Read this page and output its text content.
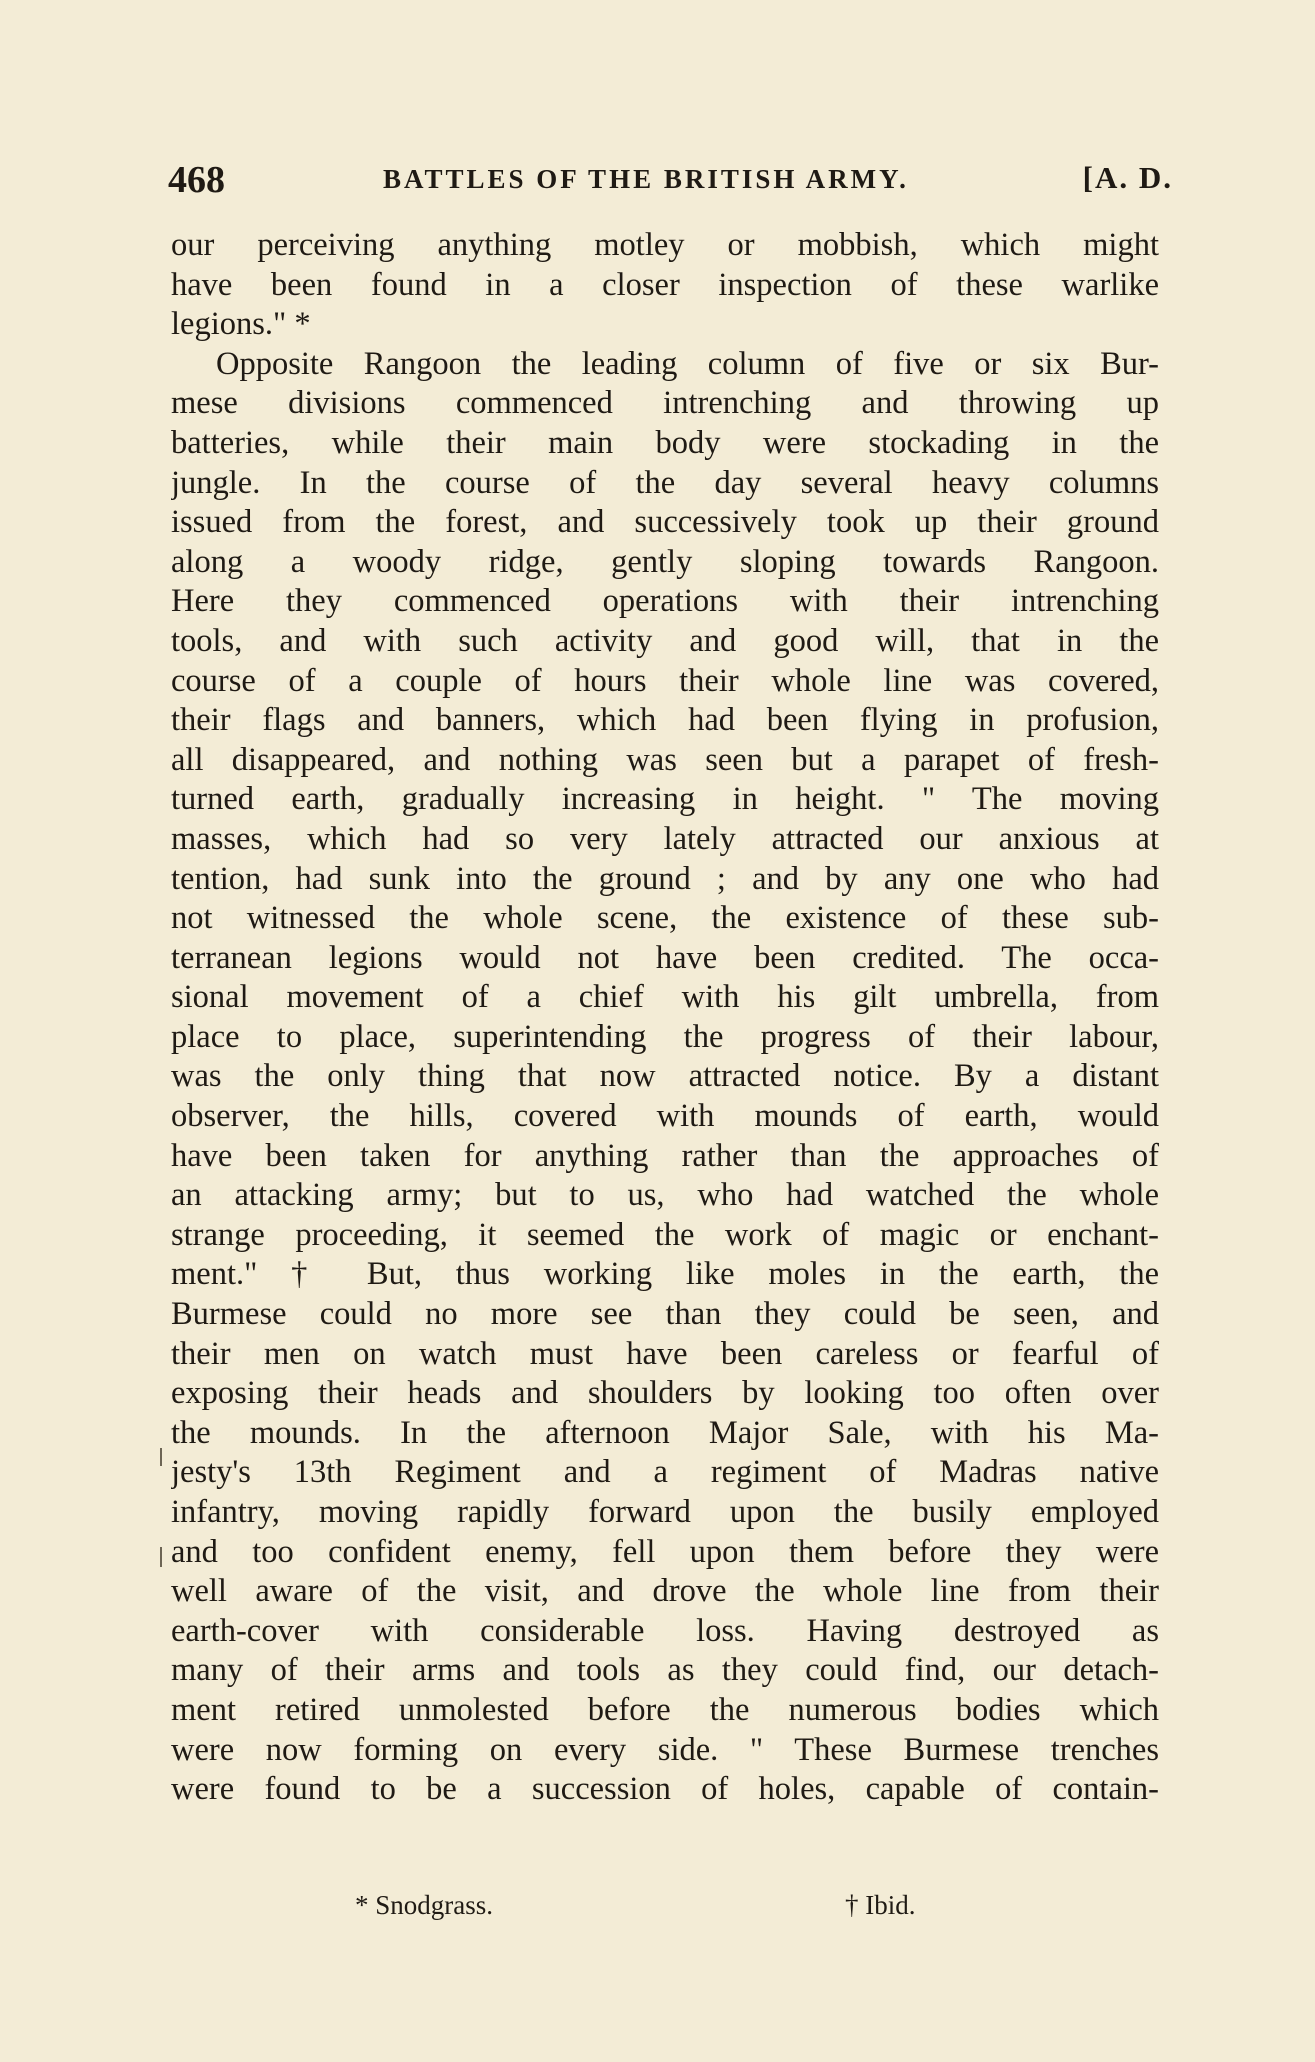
468	BATTLES OF THE BRITISH ARMY.	[A. D.
our perceiving anything motley or mobbish, which might
have been found in a closer inspection of these warlike
legions." *
Opposite Rangoon the leading column of five or six Bur-
mese divisions commenced intrenching and throwing up
batteries, while their main body were stockading in the
jungle. In the course of the day several heavy columns
issued from the forest, and successively took up their ground
along a woody ridge, gently sloping towards Rangoon.
Here they commenced operations with their intrenching
tools, and with such activity and good will, that in the
course of a couple of hours their whole line was covered,
their flags and banners, which had been flying in profusion,
all disappeared, and nothing was seen but a parapet of fresh-
turned earth, gradually increasing in height. " The moving
masses, which had so very lately attracted our anxious at
tention, had sunk into the ground ; and by any one who had
not witnessed the whole scene, the existence of these sub-
terranean legions would not have been credited. The occa-
sional movement of a chief with his gilt umbrella, from
place to place, superintending the progress of their labour,
was the only thing that now attracted notice. By a distant
observer, the hills, covered with mounds of earth, would
have been taken for anything rather than the approaches of
an attacking army; but to us, who had watched the whole
strange proceeding, it seemed the work of magic or enchant-
ment." † But, thus working like moles in the earth, the
Burmese could no more see than they could be seen, and
their men on watch must have been careless or fearful of
exposing their heads and shoulders by looking too often over
the mounds. In the afternoon Major Sale, with his Ma-
jesty's 13th Regiment and a regiment of Madras native
infantry, moving rapidly forward upon the busily employed
and too confident enemy, fell upon them before they were
well aware of the visit, and drove the whole line from their
earth-cover with considerable loss. Having destroyed as
many of their arms and tools as they could find, our detach-
ment retired unmolested before the numerous bodies which
were now forming on every side. " These Burmese trenches
were found to be a succession of holes, capable of contain-
* Snodgrass.	† Ibid.
